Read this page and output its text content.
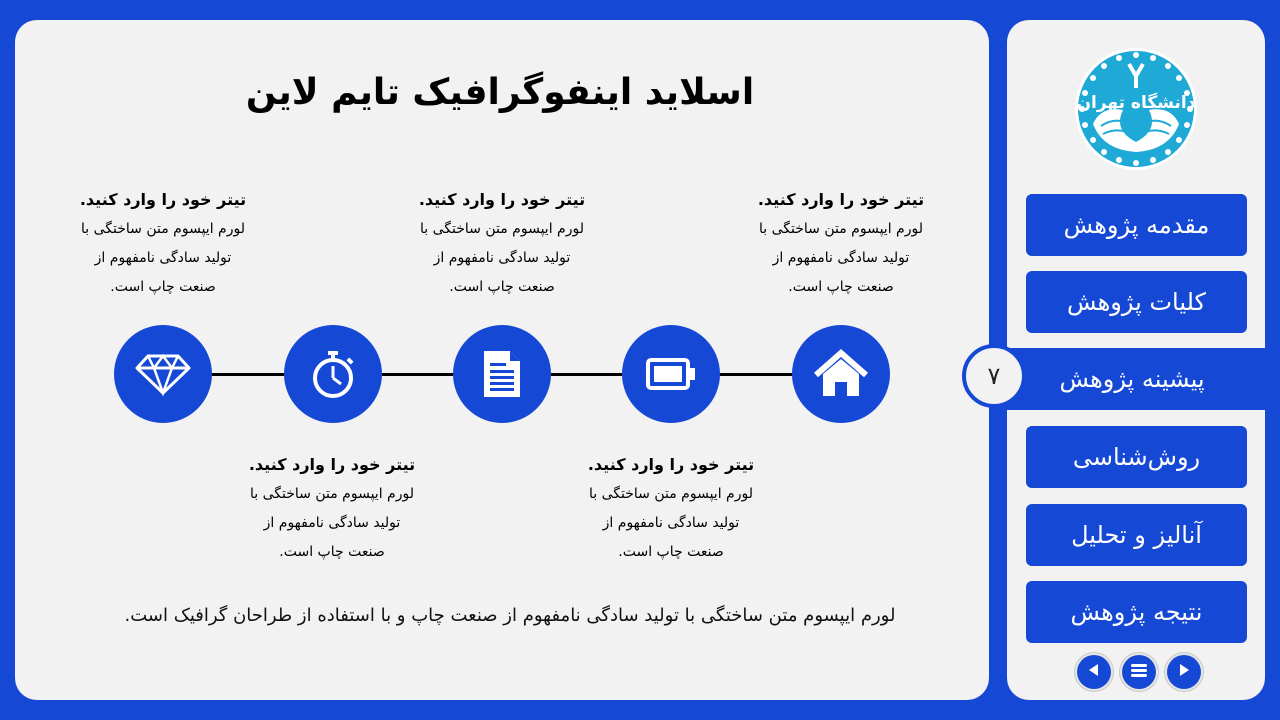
اسلاید اینفوگرافیک تایم لاین
تیتر خود را وارد کنید.
لورم ایپسوم متن ساختگی با تولید سادگی نامفهوم از صنعت چاپ است.
تیتر خود را وارد کنید.
لورم ایپسوم متن ساختگی با تولید سادگی نامفهوم از صنعت چاپ است.
تیتر خود را وارد کنید.
لورم ایپسوم متن ساختگی با تولید سادگی نامفهوم از صنعت چاپ است.
تیتر خود را وارد کنید.
لورم ایپسوم متن ساختگی با تولید سادگی نامفهوم از صنعت چاپ است.
تیتر خود را وارد کنید.
لورم ایپسوم متن ساختگی با تولید سادگی نامفهوم از صنعت چاپ است.
لورم ایپسوم متن ساختگی با تولید سادگی نامفهوم از صنعت چاپ و با استفاده از طراحان گرافیک است.
دانشگاه تهران
مقدمه پژوهش
کلیات پژوهش
پیشینه پژوهش
۷
روش‌شناسی
آنالیز و تحلیل
نتیجه پژوهش
